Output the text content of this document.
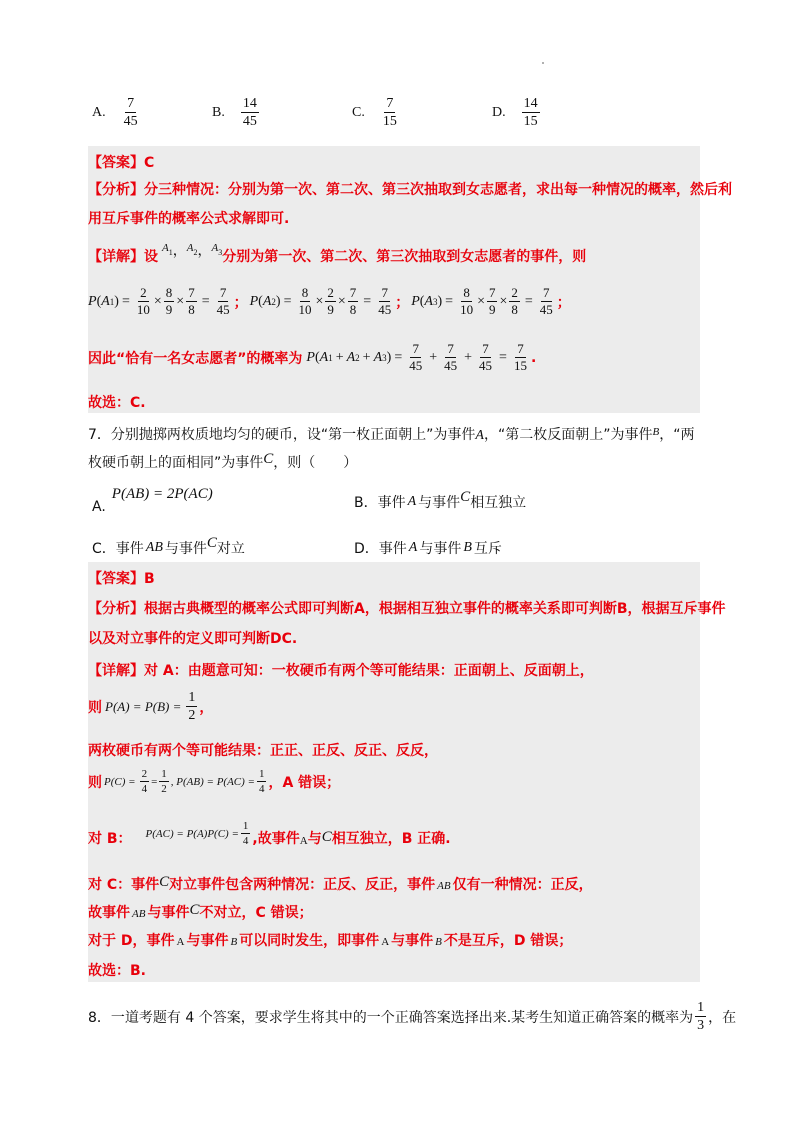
A. $\frac{7}{45}$	B. $\frac{14}{45}$	C. $\frac{7}{15}$	D. $\frac{14}{15}$
【答案】C
【分析】分三种情况：分别为第一次、第二次、第三次抽取到女志愿者，求出每一种情况的概率，然后利
用互斥事件的概率公式求解即可.
【详解】设$^{A1}$，$^{A2}$，$^{A3}$分别为第一次、第二次、第三次抽取到女志愿者的事件，则
P ( A 1 ) = $\frac{2}{10} \times \frac{8}{9} \times \frac{7}{8} = \frac{7}{45}$ ； P ( A 2 ) = $\frac{8}{10} \times \frac{2}{9} \times \frac{7}{8} = \frac{7}{45}$ ； P ( A 3 ) = $\frac{8}{10} \times \frac{7}{9} \times \frac{2}{8} = \frac{7}{45}$ ；
因此“恰有一名女志愿者”的概率为 P ( A 1 + A 2 + A 3 ) = $\frac{7}{45} + \frac{7}{45} + \frac{7}{45} = \frac{7}{15}$ .
故选：C.
7．分别抛掷两枚质地均匀的硬币，设“第一枚正面朝上”为事件A，“第二枚反面朝上”为事件$^B$，“两
枚硬币朝上的面相同”为事件C，则（　　）
A.
P(AB) = 2P(AC)
B．事件 A 与事件 C 相互独立
C．事件 AB 与事件 C 对立	D．事件 A 与事件 B 互斥
【答案】B
【分析】根据古典概型的概率公式即可判断A，根据相互独立事件的概率关系即可判断B，根据互斥事件
以及对立事件的定义即可判断DC.
【详解】对 A：由题意可知：一枚硬币有两个等可能结果：正面朝上、反面朝上，
则 $P(A) = P(B) = \frac{1}{2}$ ，
两枚硬币有两个等可能结果：正正、正反、反正、反反，
则 $P(C) = \frac{2}{4} = \frac{1}{2}$ , $P(AB) = P(AC) = \frac{1}{4}$ ，A 错误；
对 B： $P(AC) = P(A)P(C) = \frac{1}{4}$ ,故事件 A 与 C 相互独立，B 正确.
对 C：事件C对立事件包含两种情况：正反、反正，事件 AB 仅有一种情况：正反，
故事件 AB 与事件C不对立，C 错误；
对于 D，事件 A 与事件 B 可以同时发生，即事件 A 与事件 B 不是互斥，D 错误；
故选：B.
8．一道考题有 4 个答案，要求学生将其中的一个正确答案选择出来.某考生知道正确答案的概率为 $\frac{1}{3}$ ，在
